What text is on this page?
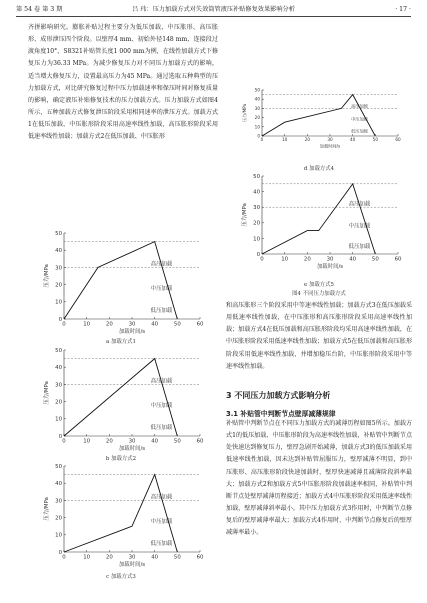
第 54 卷 第 3 期	吕 玮：压力加载方式对失效筒管液压补贴修复效果影响分析	· 17 ·

齐拼影响研究。膨胀补贴过程主要分为低压加载、中压胀形、高压胀形、成形泄压四个阶段。以壁厚4 mm、初始外径148 mm、连接段过渡角度10°、S8321补贴管长度1 000 mm为例，在线性加载方式下修复压力为36.33 MPa。为减少修复压力对不同压力加载方式的影响，适当增大修复压力，设置最高压力为45 MPa。通过选取五种典型的压力加载方式，对比研究修复过程中压力加载速率和保压时间对修复质量的影响，确定液压补贴修复技术的压力加载方式。压力加载方式如图4所示，五种加载方式修复泄压阶段采用相同速率的泄压方式。加载方式1在低压加载、中压胀形阶段采用高速率线性加载，高压胀形阶段采用低速率线性加载；加载方式2在低压加载、中压胀形

0	10	20	30	40	50	60
0
10
20
30
40
50
加载时间/s
压力/MPa	高压加载
中压加载
低压加载
a 加载方式1
0	10	20	30	40	50	60
0
10
20
30
40
50
加载时间/s
压力/MPa	高压加载
中压加载
低压加载
b 加载方式2
0	10	20	30	40	50	60
0
10
20
30
40
50
加载时间/s
压力/MPa	高压加载
中压加载
低压加载
c 加载方式3
0	10	20	30	40	50	60
0
10
20
30
40
50
加载时间/s
压力/MPa	高压加载
中压加载
低压加载
d 加载方式4
0	10	20	30	40	50	60
0
10
20
30
40
50
加载时间/s
压力/MPa	高压加载
中压加载
低压加载
e 加载方式5
图4 不同压力加载方式

和高压胀形三个阶段采用中等速率线性加载；加载方式3在低压加载采用低速率线性加载，在中压胀形和高压胀形阶段采用高速率线性加载；加载方式4在低压加载和高压胀形阶段均采用高速率线性加载，在中压胀形阶段采用低速率线性加载；加载方式5在低压加载和高压胀形阶段采用低速率线性加载，并增加稳压台阶，中压胀形阶段采用中等速率线性加载。

3 不同压力加载方式影响分析
3.1 补贴管中判断节点壁厚减薄规律

补贴管中判断节点在不同压力加载方式的减薄历程如图5所示。加载方式1的低压加载、中压胀形阶段为高速率线性加载，补贴管中判断节点处快速达到修复压力，壁厚急剧开始减薄，加载方式3的低压加载采用低速率线性加载，因未达到补贴管屈服压力，壁厚减薄不明显，到中压胀形、高压胀形阶段快速加载时，壁厚快速减薄且减薄阶段斜率最大；加载方式2和加载方式5中压胀形阶段加载速率相同，补贴管中判断节点处壁厚减薄历程接近；加载方式4中压胀形阶段采用低速率线性加载，壁厚减薄斜率最小。其中压力加载方式3作用时，中判断节点修复后的壁厚减薄率最大；加载方式4作用时，中判断节点修复后的壁厚减薄率最小。
